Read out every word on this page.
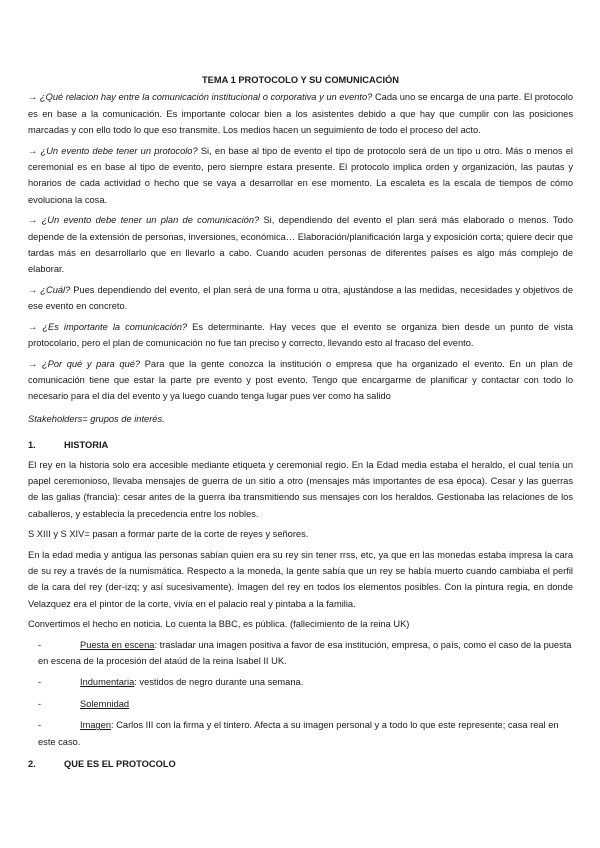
TEMA 1 PROTOCOLO Y SU COMUNICACIÓN

→ ¿Qué relacion hay entre la comunicación institucional o corporativa y un evento? Cada uno se encarga de una parte. El protocolo es en base a la comunicación. Es importante colocar bien a los asistentes debido a que hay que cumplir con las posiciones marcadas y con ello todo lo que eso transmite. Los medios hacen un seguimiento de todo el proceso del acto.

→ ¿Un evento debe tener un protocolo? Si, en base al tipo de evento el tipo de protocolo será de un tipo u otro. Más o menos el ceremonial es en base al tipo de evento, pero siempre estara presente. El protocolo implica orden y organización, las pautas y horarios de cada actividad o hecho que se vaya a desarrollar en ese momento. La escaleta es la escala de tiempos de cómo evoluciona la cosa.

→ ¿Un evento debe tener un plan de comunicación? Si, dependiendo del evento el plan será más elaborado o menos. Todo depende de la extensión de personas, inversiones, económica… Elaboración/planificación larga y exposición corta; quiere decir que tardas más en desarrollarlo que en llevarlo a cabo. Cuando acuden personas de diferentes países es algo más complejo de elaborar.

→ ¿Cuál? Pues dependiendo del evento, el plan será de una forma u otra, ajustándose a las medidas, necesidades y objetivos de ese evento en concreto.

→ ¿Es importante la comunicación? Es determinante. Hay veces que el evento se organiza bien desde un punto de vista protocolario, pero el plan de comunicación no fue tan preciso y correcto, llevando esto al fracaso del evento.

→ ¿Por qué y para qué? Para que la gente conozca la institución o empresa que ha organizado el evento. En un plan de comunicación tiene que estar la parte pre evento y post evento. Tengo que encargarme de planificar y contactar con todo lo necesario para el día del evento y ya luego cuando tenga lugar pues ver como ha salido

Stakeholders= grupos de interés.

1.	HISTORIA

El rey en la historia solo era accesible mediante etiqueta y ceremonial regio. En la Edad media estaba el heraldo, el cual tenía un papel ceremonioso, llevaba mensajes de guerra de un sitio a otro (mensajes más importantes de esa época). Cesar y las guerras de las galias (francia): cesar antes de la guerra iba transmitiendo sus mensajes con los heraldos. Gestionaba las relaciones de los caballeros, y establecia la precedencia entre los nobles.

S XIII y S XIV= pasan a formar parte de la corte de reyes y señores.

En la edad media y antigua las personas sabían quien era su rey sin tener rrss, etc, ya que en las monedas estaba impresa la cara de su rey a través de la numismática. Respecto a la moneda, la gente sabía que un rey se había muerto cuando cambiaba el perfil de la cara del rey (der-izq; y así sucesivamente). Imagen del rey en todos los elementos posibles. Con la pintura regia, en donde Velazquez era el pintor de la corte, vivía en el palacio real y pintaba a la familia.

Convertimos el hecho en noticia. Lo cuenta la BBC, es pública. (fallecimiento de la reina UK)

-	Puesta en escena: trasladar una imagen positiva a favor de esa institución, empresa, o país, como el caso de la puesta en escena de la procesión del ataúd de la reina Isabel II UK.
-	Indumentaria: vestidos de negro durante una semana.
-	Solemnidad
-	Imagen: Carlos III con la firma y el tintero. Afecta a su imagen personal y a todo lo que este represente; casa real en este caso.
2.	QUE ES EL PROTOCOLO
